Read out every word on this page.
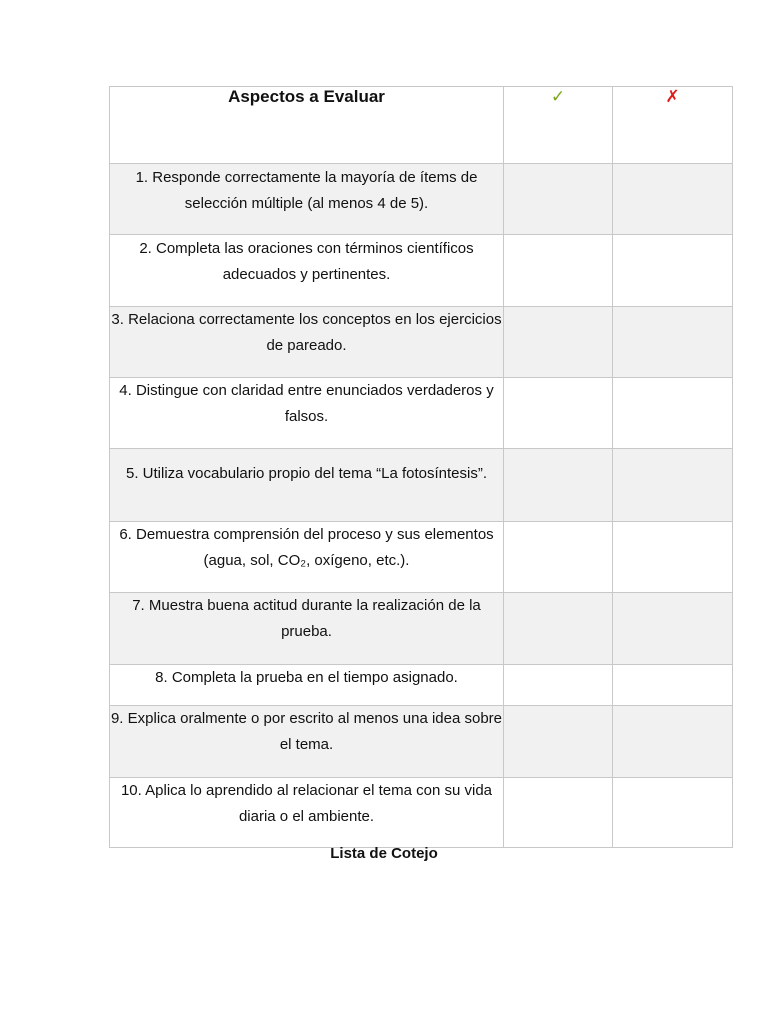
Aspectos a Evaluar	✓	✗
1. Responde correctamente la mayoría de ítems de selección múltiple (al menos 4 de 5).		
2. Completa las oraciones con términos científicos adecuados y pertinentes.		
3. Relaciona correctamente los conceptos en los ejercicios de pareado.		
4. Distingue con claridad entre enunciados verdaderos y falsos.		
5. Utiliza vocabulario propio del tema “La fotosíntesis”.		
6. Demuestra comprensión del proceso y sus elementos (agua, sol, CO₂, oxígeno, etc.).		
7. Muestra buena actitud durante la realización de la prueba.		
8. Completa la prueba en el tiempo asignado.		
9. Explica oralmente o por escrito al menos una idea sobre el tema.		
10. Aplica lo aprendido al relacionar el tema con su vida diaria o el ambiente.		
Lista de Cotejo
